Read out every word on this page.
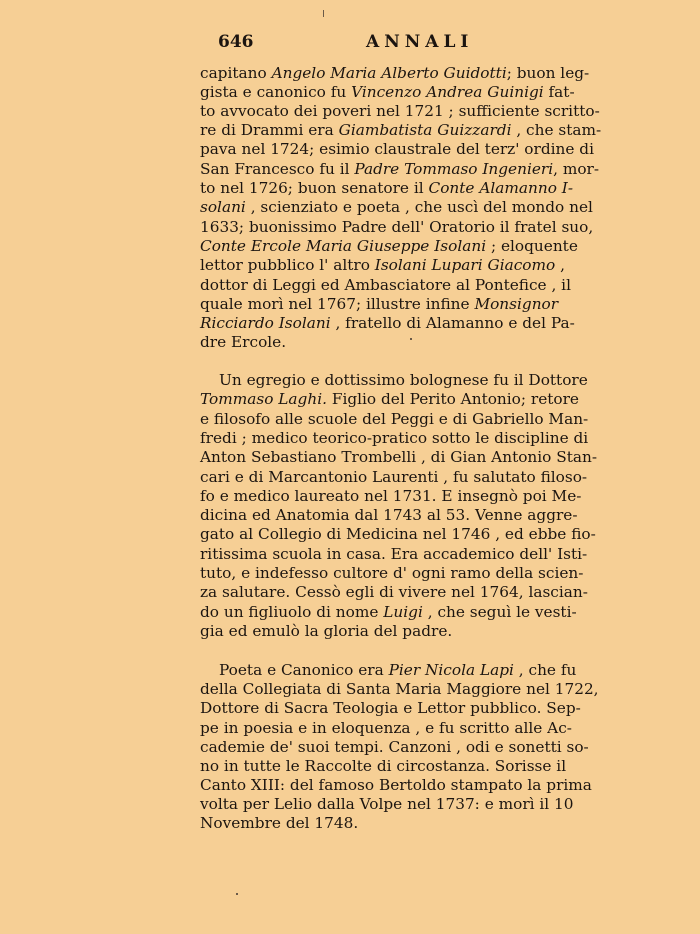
646	ANNALI
capitano Angelo Maria Alberto Guidotti; buon leg-
gista e canonico fu Vincenzo Andrea Guinigi fat-
to avvocato dei poveri nel 1721 ; sufficiente scritto-
re di Drammi era Giambatista Guizzardi , che stam-
pava nel 1724; esimio claustrale del terz' ordine di
San Francesco fu il Padre Tommaso Ingenieri, mor-
to nel 1726; buon senatore il Conte Alamanno I-
solani , scienziato e poeta , che uscì del mondo nel
1633; buonissimo Padre dell' Oratorio il fratel suo,
Conte Ercole Maria Giuseppe Isolani ; eloquente
lettor pubblico l' altro Isolani Lupari Giacomo ,
dottor di Leggi ed Ambasciatore al Pontefice , il
quale morì nel 1767; illustre infine Monsignor
Ricciardo Isolani , fratello di Alamanno e del Pa-
dre Ercole.
Un egregio e dottissimo bolognese fu il Dottore
Tommaso Laghi. Figlio del Perito Antonio; retore
e filosofo alle scuole del Peggi e di Gabriello Man-
fredi ; medico teorico-pratico sotto le discipline di
Anton Sebastiano Trombelli , di Gian Antonio Stan-
cari e di Marcantonio Laurenti , fu salutato filoso-
fo e medico laureato nel 1731. E insegnò poi Me-
dicina ed Anatomia dal 1743 al 53. Venne aggre-
gato al Collegio di Medicina nel 1746 , ed ebbe fio-
ritissima scuola in casa. Era accademico dell' Isti-
tuto, e indefesso cultore d' ogni ramo della scien-
za salutare. Cessò egli di vivere nel 1764, lascian-
do un figliuolo di nome Luigi , che seguì le vesti-
gia ed emulò la gloria del padre.
Poeta e Canonico era Pier Nicola Lapi , che fu
della Collegiata di Santa Maria Maggiore nel 1722,
Dottore di Sacra Teologia e Lettor pubblico. Sep-
pe in poesia e in eloquenza , e fu scritto alle Ac-
cademie de' suoi tempi. Canzoni , odi e sonetti so-
no in tutte le Raccolte di circostanza. Sorisse il
Canto XIII: del famoso Bertoldo stampato la prima
volta per Lelio dalla Volpe nel 1737: e morì il 10
Novembre del 1748.
